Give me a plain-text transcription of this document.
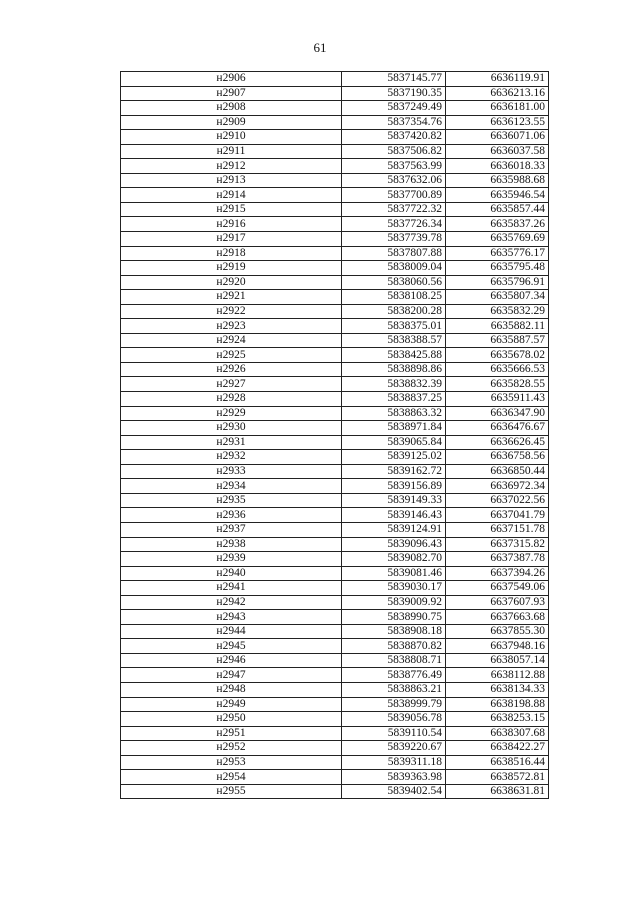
61
н2906	5837145.77	6636119.91
н2907	5837190.35	6636213.16
н2908	5837249.49	6636181.00
н2909	5837354.76	6636123.55
н2910	5837420.82	6636071.06
н2911	5837506.82	6636037.58
н2912	5837563.99	6636018.33
н2913	5837632.06	6635988.68
н2914	5837700.89	6635946.54
н2915	5837722.32	6635857.44
н2916	5837726.34	6635837.26
н2917	5837739.78	6635769.69
н2918	5837807.88	6635776.17
н2919	5838009.04	6635795.48
н2920	5838060.56	6635796.91
н2921	5838108.25	6635807.34
н2922	5838200.28	6635832.29
н2923	5838375.01	6635882.11
н2924	5838388.57	6635887.57
н2925	5838425.88	6635678.02
н2926	5838898.86	6635666.53
н2927	5838832.39	6635828.55
н2928	5838837.25	6635911.43
н2929	5838863.32	6636347.90
н2930	5838971.84	6636476.67
н2931	5839065.84	6636626.45
н2932	5839125.02	6636758.56
н2933	5839162.72	6636850.44
н2934	5839156.89	6636972.34
н2935	5839149.33	6637022.56
н2936	5839146.43	6637041.79
н2937	5839124.91	6637151.78
н2938	5839096.43	6637315.82
н2939	5839082.70	6637387.78
н2940	5839081.46	6637394.26
н2941	5839030.17	6637549.06
н2942	5839009.92	6637607.93
н2943	5838990.75	6637663.68
н2944	5838908.18	6637855.30
н2945	5838870.82	6637948.16
н2946	5838808.71	6638057.14
н2947	5838776.49	6638112.88
н2948	5838863.21	6638134.33
н2949	5838999.79	6638198.88
н2950	5839056.78	6638253.15
н2951	5839110.54	6638307.68
н2952	5839220.67	6638422.27
н2953	5839311.18	6638516.44
н2954	5839363.98	6638572.81
н2955	5839402.54	6638631.81
